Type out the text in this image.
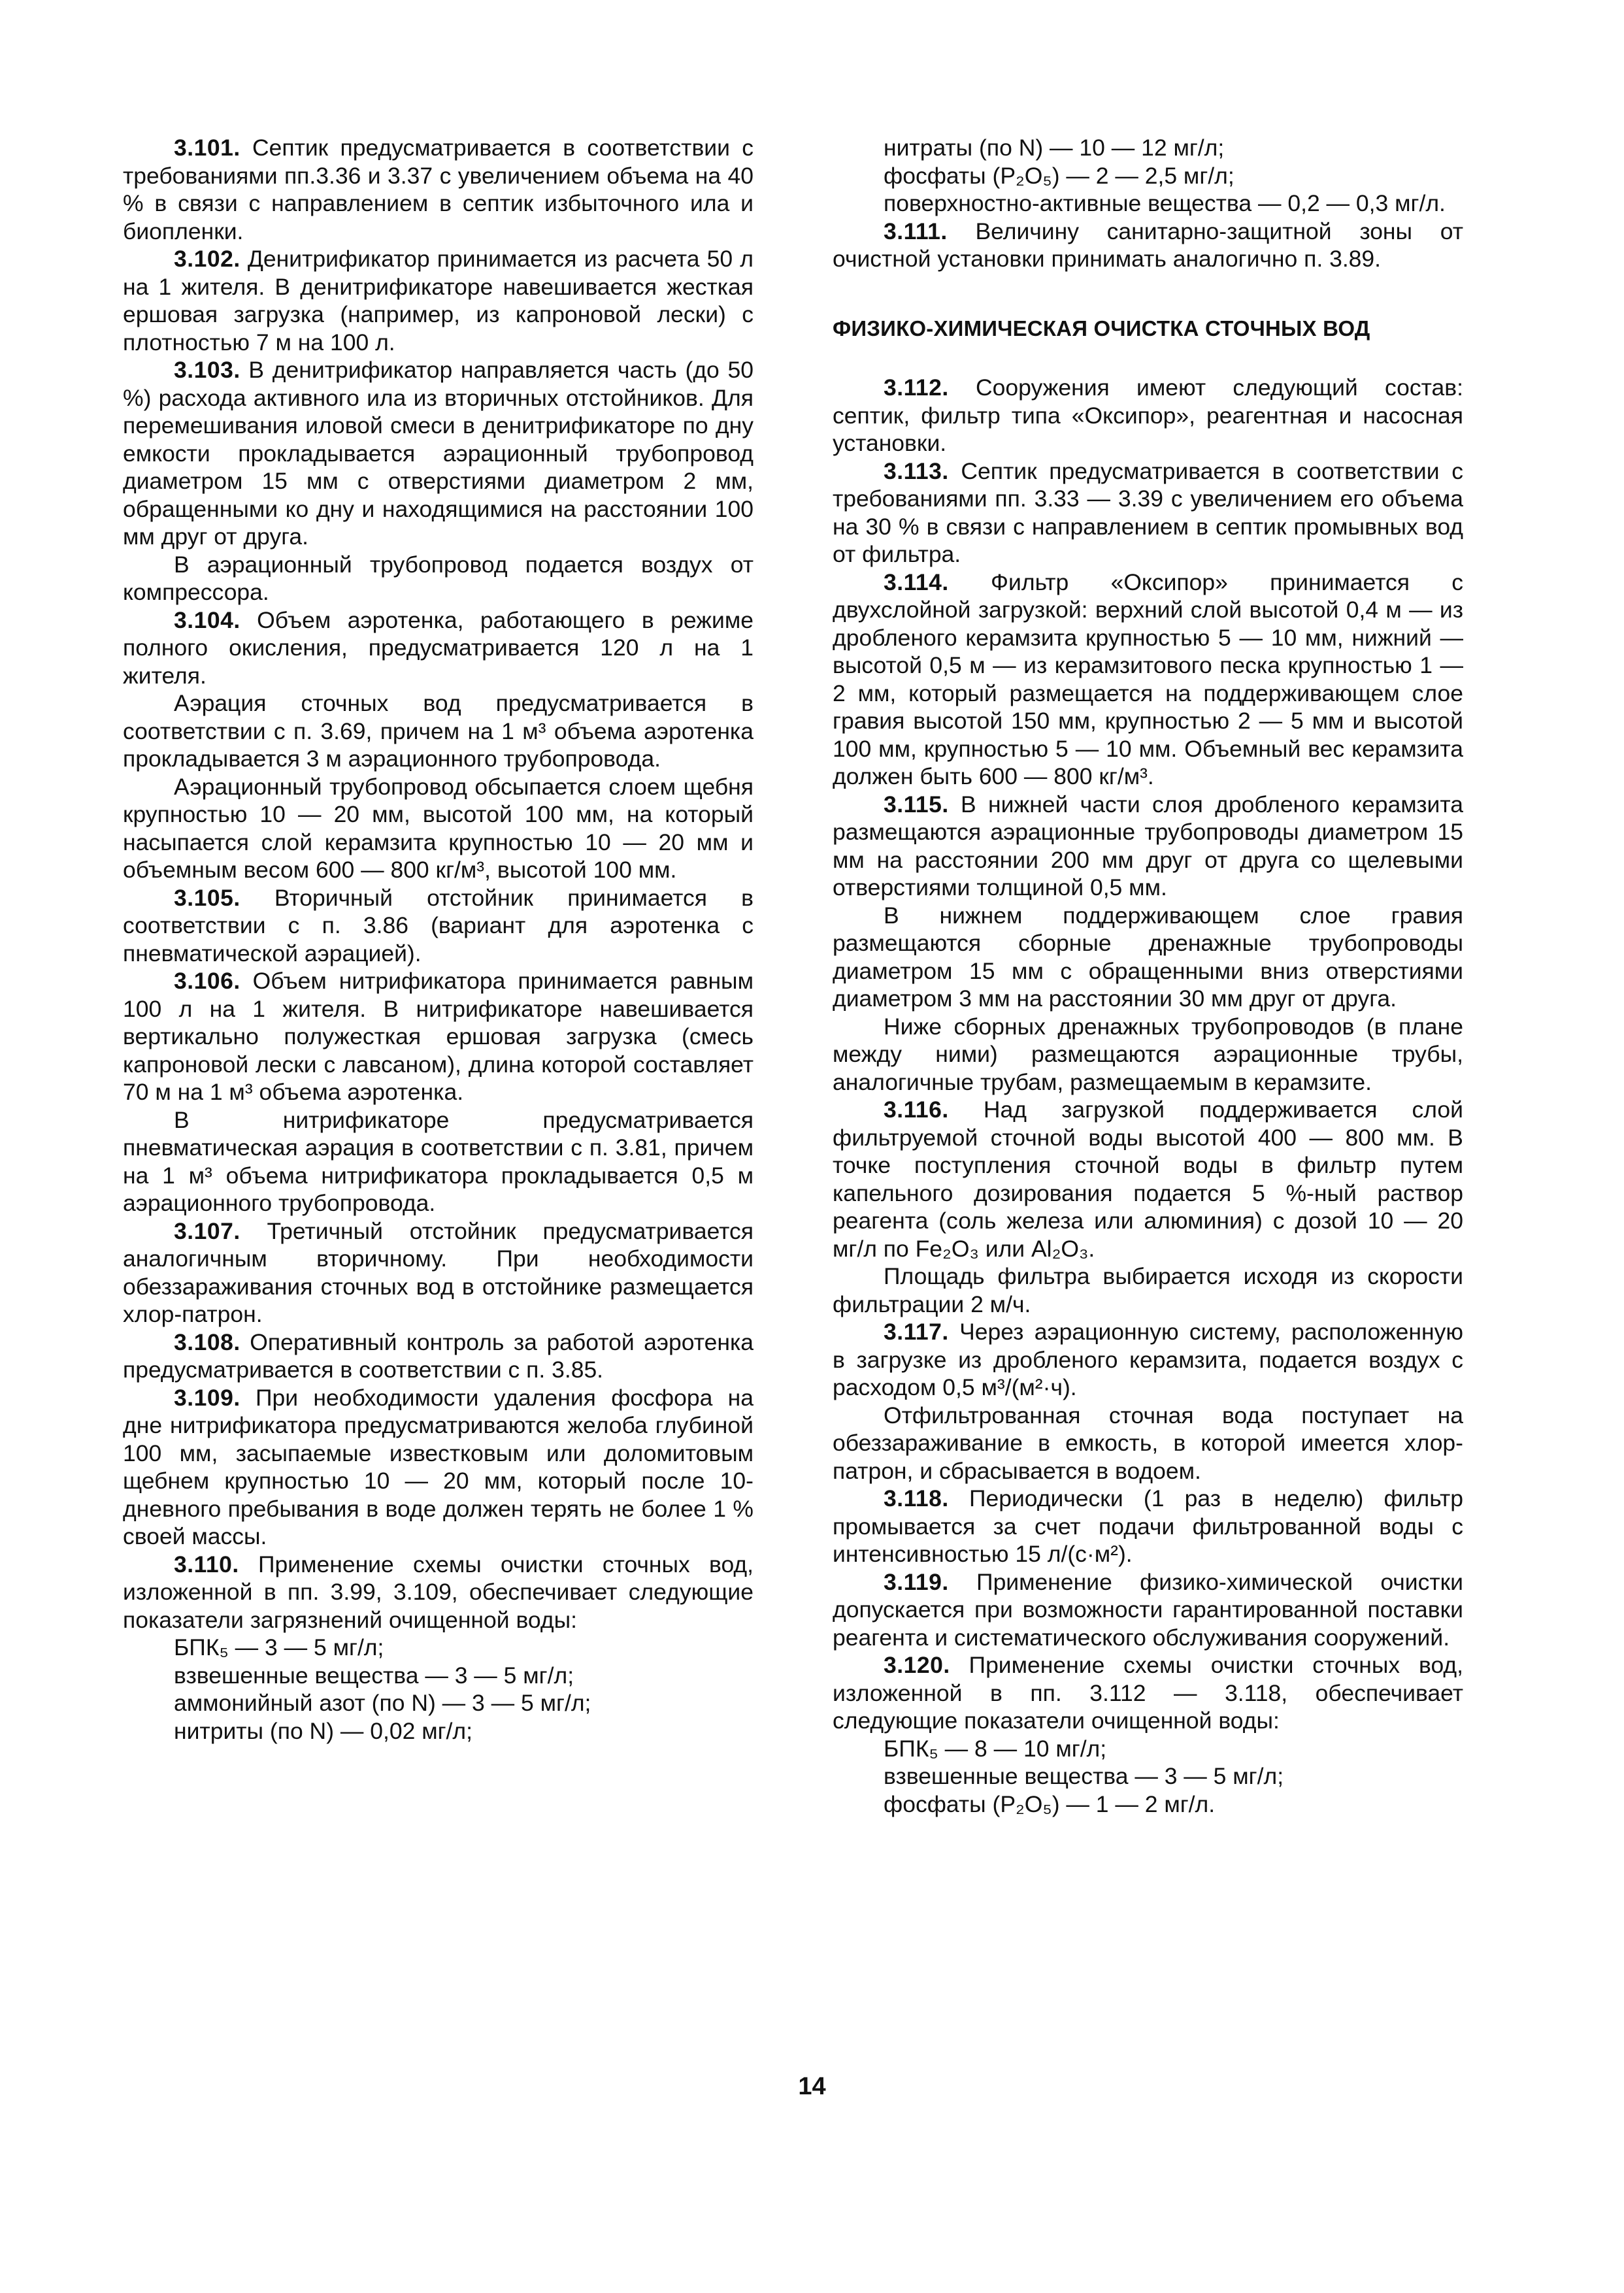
3.101. Септик предусматривается в соответствии с требованиями пп.3.36 и 3.37 с увеличением объема на 40 % в связи с направлением в септик избыточного ила и биопленки.
3.102. Денитрификатор принимается из расчета 50 л на 1 жителя. В денитрификаторе навешивается жесткая ершовая загрузка (например, из капроновой лески) с плотностью 7 м на 100 л.
3.103. В денитрификатор направляется часть (до 50 %) расхода активного ила из вторичных отстойников. Для перемешивания иловой смеси в денитрификаторе по дну емкости прокладывается аэрационный трубопровод диаметром 15 мм с отверстиями диаметром 2 мм, обращенными ко дну и находящимися на расстоянии 100 мм друг от друга.
В аэрационный трубопровод подается воздух от компрессора.
3.104. Объем аэротенка, работающего в режиме полного окисления, предусматривается 120 л на 1 жителя.
Аэрация сточных вод предусматривается в соответствии с п. 3.69, причем на 1 м³ объема аэротенка прокладывается 3 м аэрационного трубопровода.
Аэрационный трубопровод обсыпается слоем щебня крупностью 10 — 20 мм, высотой 100 мм, на который насыпается слой керамзита крупностью 10 — 20 мм и объемным весом 600 — 800 кг/м³, высотой 100 мм.
3.105. Вторичный отстойник принимается в соответствии с п. 3.86 (вариант для аэротенка с пневматической аэрацией).
3.106. Объем нитрификатора принимается равным 100 л на 1 жителя. В нитрификаторе навешивается вертикально полужесткая ершовая загрузка (смесь капроновой лески с лавсаном), длина которой составляет 70 м на 1 м³ объема аэротенка.
В нитрификаторе предусматривается пневматическая аэрация в соответствии с п. 3.81, причем на 1 м³ объема нитрификатора прокладывается 0,5 м аэрационного трубопровода.
3.107. Третичный отстойник предусматривается аналогичным вторичному. При необходимости обеззараживания сточных вод в отстойнике размещается хлор-патрон.
3.108. Оперативный контроль за работой аэротенка предусматривается в соответствии с п. 3.85.
3.109. При необходимости удаления фосфора на дне нитрификатора предусматриваются желоба глубиной 100 мм, засыпаемые известковым или доломитовым щебнем крупностью 10 — 20 мм, который после 10-дневного пребывания в воде должен терять не более 1 % своей массы.
3.110. Применение схемы очистки сточных вод, изложенной в пп. 3.99, 3.109, обеспечивает следующие показатели загрязнений очищенной воды:
БПК₅ — 3 — 5 мг/л;
взвешенные вещества — 3 — 5 мг/л;
аммонийный азот (по N) — 3 — 5 мг/л;
нитриты (по N) — 0,02 мг/л;
нитраты (по N) — 10 — 12 мг/л;
фосфаты (P₂O₅) — 2 — 2,5 мг/л;
поверхностно-активные вещества — 0,2 — 0,3 мг/л.
3.111. Величину санитарно-защитной зоны от очистной установки принимать аналогично п. 3.89.
ФИЗИКО-ХИМИЧЕСКАЯ ОЧИСТКА СТОЧНЫХ ВОД
3.112. Сооружения имеют следующий состав: септик, фильтр типа «Оксипор», реагентная и насосная установки.
3.113. Септик предусматривается в соответствии с требованиями пп. 3.33 — 3.39 с увеличением его объема на 30 % в связи с направлением в септик промывных вод от фильтра.
3.114. Фильтр «Оксипор» принимается с двухслойной загрузкой: верхний слой высотой 0,4 м — из дробленого керамзита крупностью 5 — 10 мм, нижний — высотой 0,5 м — из керамзитового песка крупностью 1 — 2 мм, который размещается на поддерживающем слое гравия высотой 150 мм, крупностью 2 — 5 мм и высотой 100 мм, крупностью 5 — 10 мм. Объемный вес керамзита должен быть 600 — 800 кг/м³.
3.115. В нижней части слоя дробленого керамзита размещаются аэрационные трубопроводы диаметром 15 мм на расстоянии 200 мм друг от друга со щелевыми отверстиями толщиной 0,5 мм.
В нижнем поддерживающем слое гравия размещаются сборные дренажные трубопроводы диаметром 15 мм с обращенными вниз отверстиями диаметром 3 мм на расстоянии 30 мм друг от друга.
Ниже сборных дренажных трубопроводов (в плане между ними) размещаются аэрационные трубы, аналогичные трубам, размещаемым в керамзите.
3.116. Над загрузкой поддерживается слой фильтруемой сточной воды высотой 400 — 800 мм. В точке поступления сточной воды в фильтр путем капельного дозирования подается 5 %-ный раствор реагента (соль железа или алюминия) с дозой 10 — 20 мг/л по Fe₂O₃ или Al₂O₃.
Площадь фильтра выбирается исходя из скорости фильтрации 2 м/ч.
3.117. Через аэрационную систему, расположенную в загрузке из дробленого керамзита, подается воздух с расходом 0,5 м³/(м²·ч).
Отфильтрованная сточная вода поступает на обеззараживание в емкость, в которой имеется хлор-патрон, и сбрасывается в водоем.
3.118. Периодически (1 раз в неделю) фильтр промывается за счет подачи фильтрованной воды с интенсивностью 15 л/(с·м²).
3.119. Применение физико-химической очистки допускается при возможности гарантированной поставки реагента и систематического обслуживания сооружений.
3.120. Применение схемы очистки сточных вод, изложенной в пп. 3.112 — 3.118, обеспечивает следующие показатели очищенной воды:
БПК₅ — 8 — 10 мг/л;
взвешенные вещества — 3 — 5 мг/л;
фосфаты (P₂O₅) — 1 — 2 мг/л.
14
